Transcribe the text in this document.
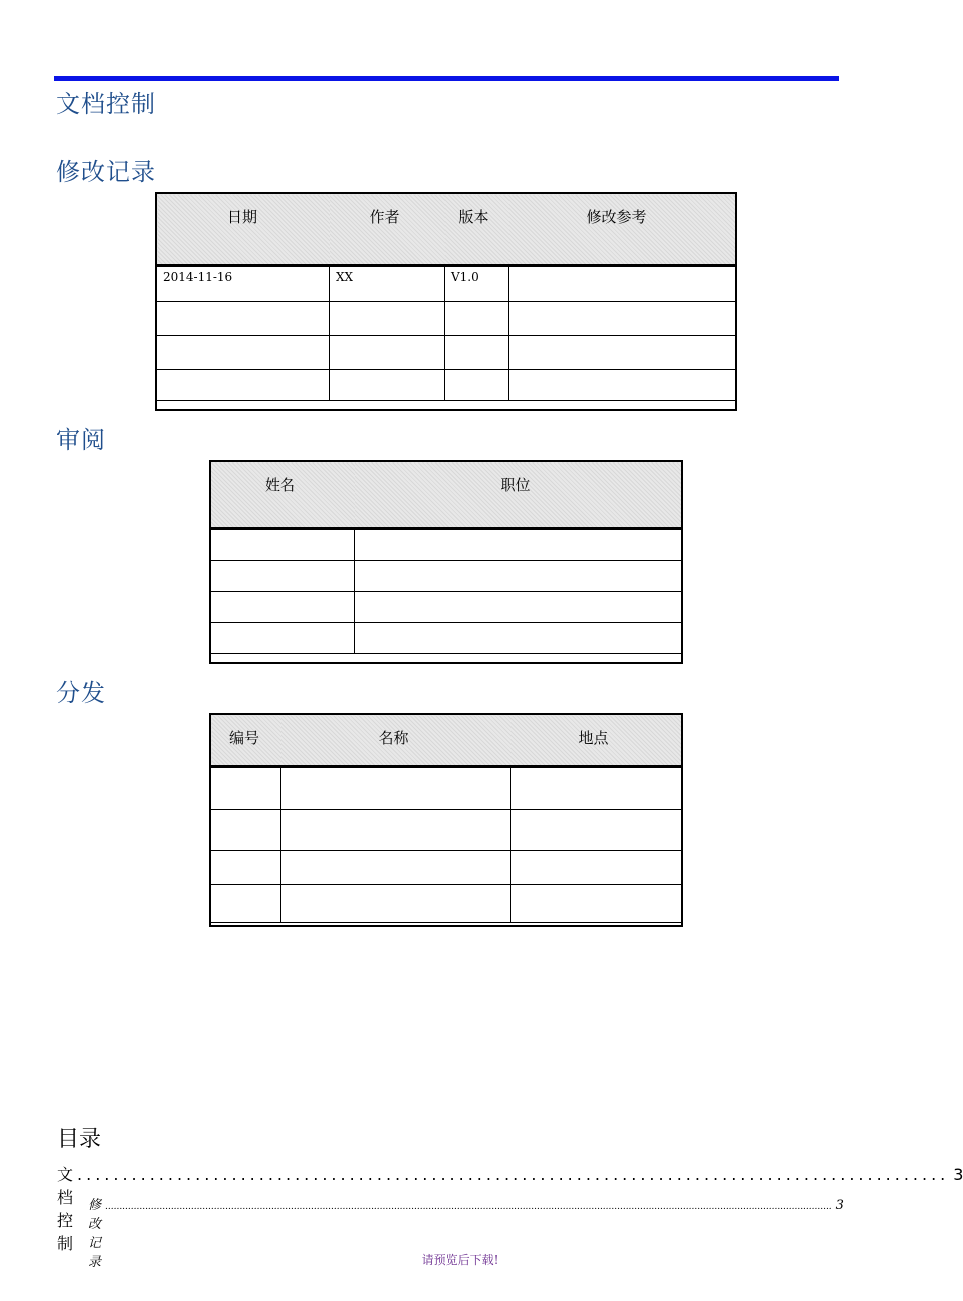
文档控制
修改记录
日期	作者	版本	修改参考
2014-11-16	XX	V1.0	

审阅
姓名	职位

分发
编号	名称	地点

目录
文档控制
................................................................................................ 3
修改记录
.............................................................................................................................................................................................................................................................. 3
请预览后下载!
